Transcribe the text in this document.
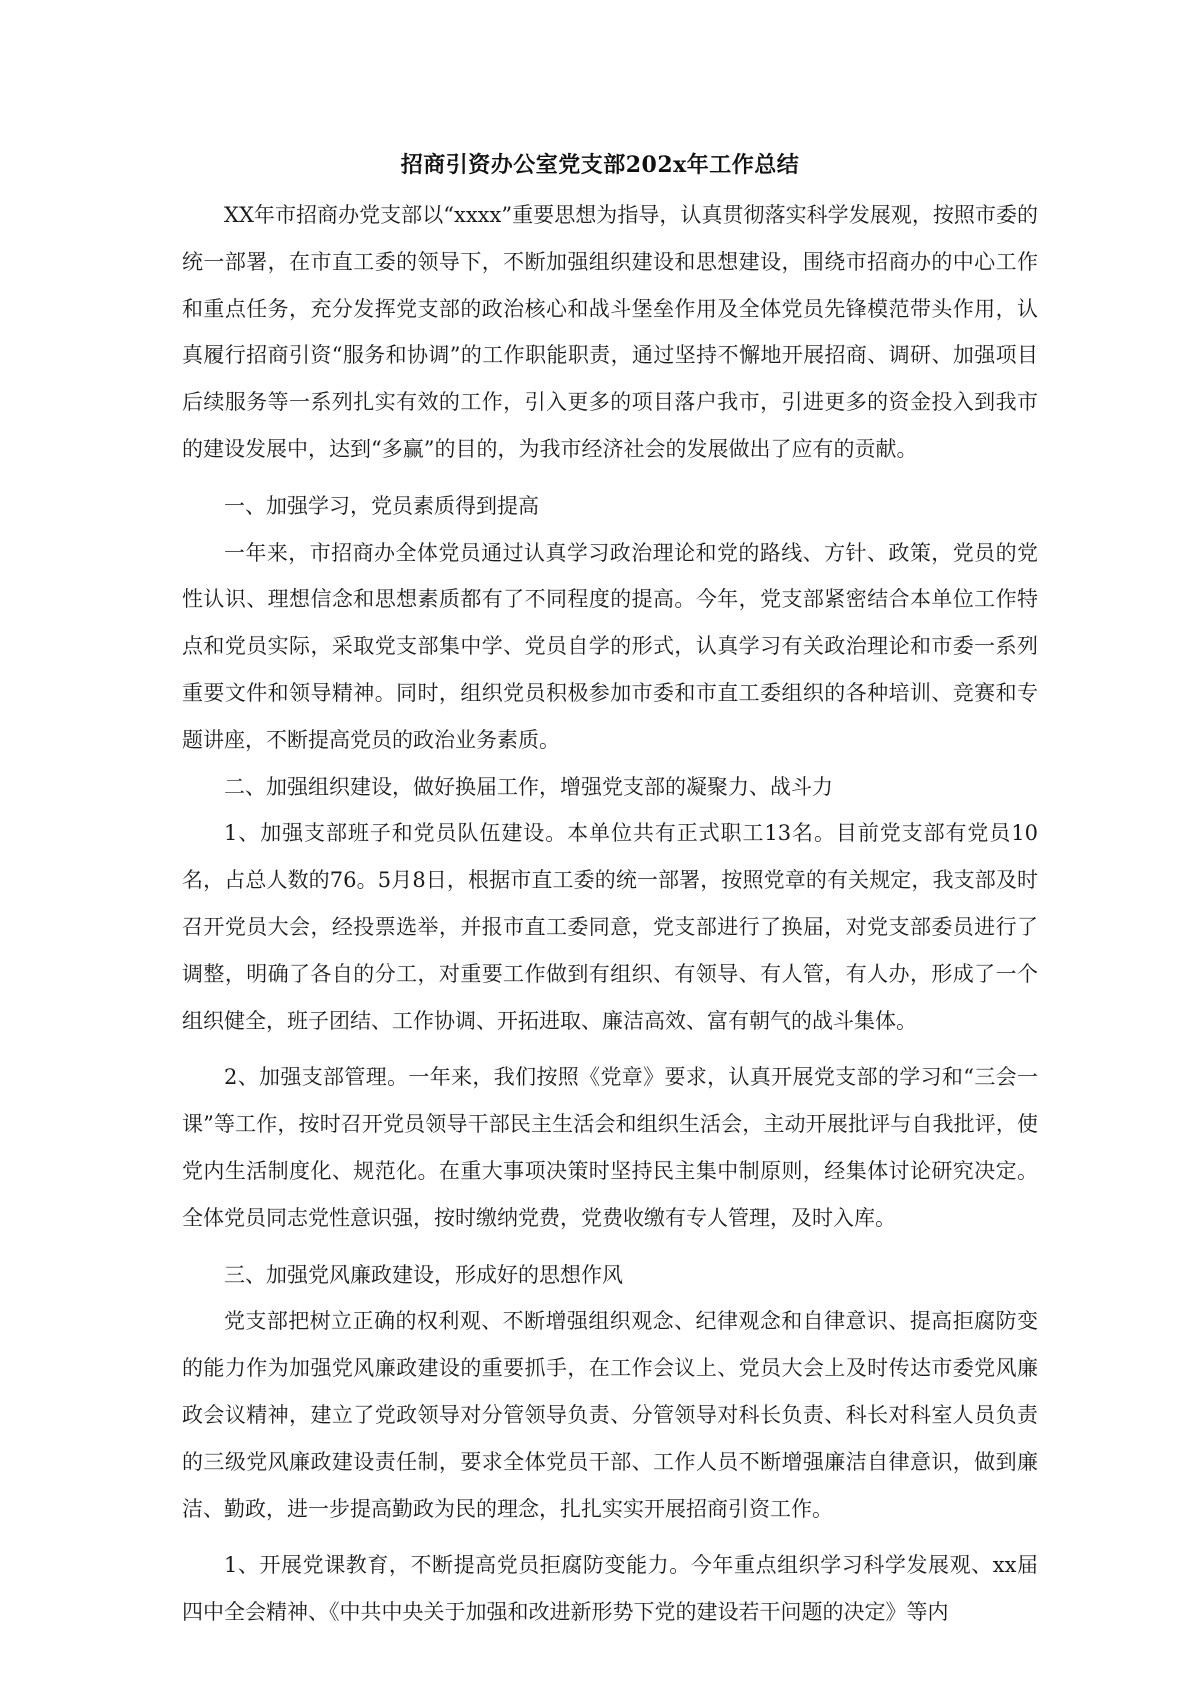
招商引资办公室党支部202x年工作总结

XX年市招商办党支部以“xxxx”重要思想为指导，认真贯彻落实科学发展观，按照市委的统一部署，在市直工委的领导下，不断加强组织建设和思想建设，围绕市招商办的中心工作和重点任务，充分发挥党支部的政治核心和战斗堡垒作用及全体党员先锋模范带头作用，认真履行招商引资“服务和协调”的工作职能职责，通过坚持不懈地开展招商、调研、加强项目后续服务等一系列扎实有效的工作，引入更多的项目落户我市，引进更多的资金投入到我市的建设发展中，达到“多赢”的目的，为我市经济社会的发展做出了应有的贡献。

一、加强学习，党员素质得到提高

一年来，市招商办全体党员通过认真学习政治理论和党的路线、方针、政策，党员的党性认识、理想信念和思想素质都有了不同程度的提高。今年，党支部紧密结合本单位工作特点和党员实际，采取党支部集中学、党员自学的形式，认真学习有关政治理论和市委一系列重要文件和领导精神。同时，组织党员积极参加市委和市直工委组织的各种培训、竞赛和专题讲座，不断提高党员的政治业务素质。

二、加强组织建设，做好换届工作，增强党支部的凝聚力、战斗力

1、加强支部班子和党员队伍建设。本单位共有正式职工13名。目前党支部有党员10名，占总人数的76。5月8日，根据市直工委的统一部署，按照党章的有关规定，我支部及时召开党员大会，经投票选举，并报市直工委同意，党支部进行了换届，对党支部委员进行了调整，明确了各自的分工，对重要工作做到有组织、有领导、有人管，有人办，形成了一个组织健全，班子团结、工作协调、开拓进取、廉洁高效、富有朝气的战斗集体。

2、加强支部管理。一年来，我们按照《党章》要求，认真开展党支部的学习和“三会一课”等工作，按时召开党员领导干部民主生活会和组织生活会，主动开展批评与自我批评，使党内生活制度化、规范化。在重大事项决策时坚持民主集中制原则，经集体讨论研究决定。全体党员同志党性意识强，按时缴纳党费，党费收缴有专人管理，及时入库。

三、加强党风廉政建设，形成好的思想作风

党支部把树立正确的权利观、不断增强组织观念、纪律观念和自律意识、提高拒腐防变的能力作为加强党风廉政建设的重要抓手，在工作会议上、党员大会上及时传达市委党风廉政会议精神，建立了党政领导对分管领导负责、分管领导对科长负责、科长对科室人员负责的三级党风廉政建设责任制，要求全体党员干部、工作人员不断增强廉洁自律意识，做到廉洁、勤政，进一步提高勤政为民的理念，扎扎实实开展招商引资工作。

1、开展党课教育，不断提高党员拒腐防变能力。今年重点组织学习科学发展观、xx届四中全会精神、《中共中央关于加强和改进新形势下党的建设若干问题的决定》等内
